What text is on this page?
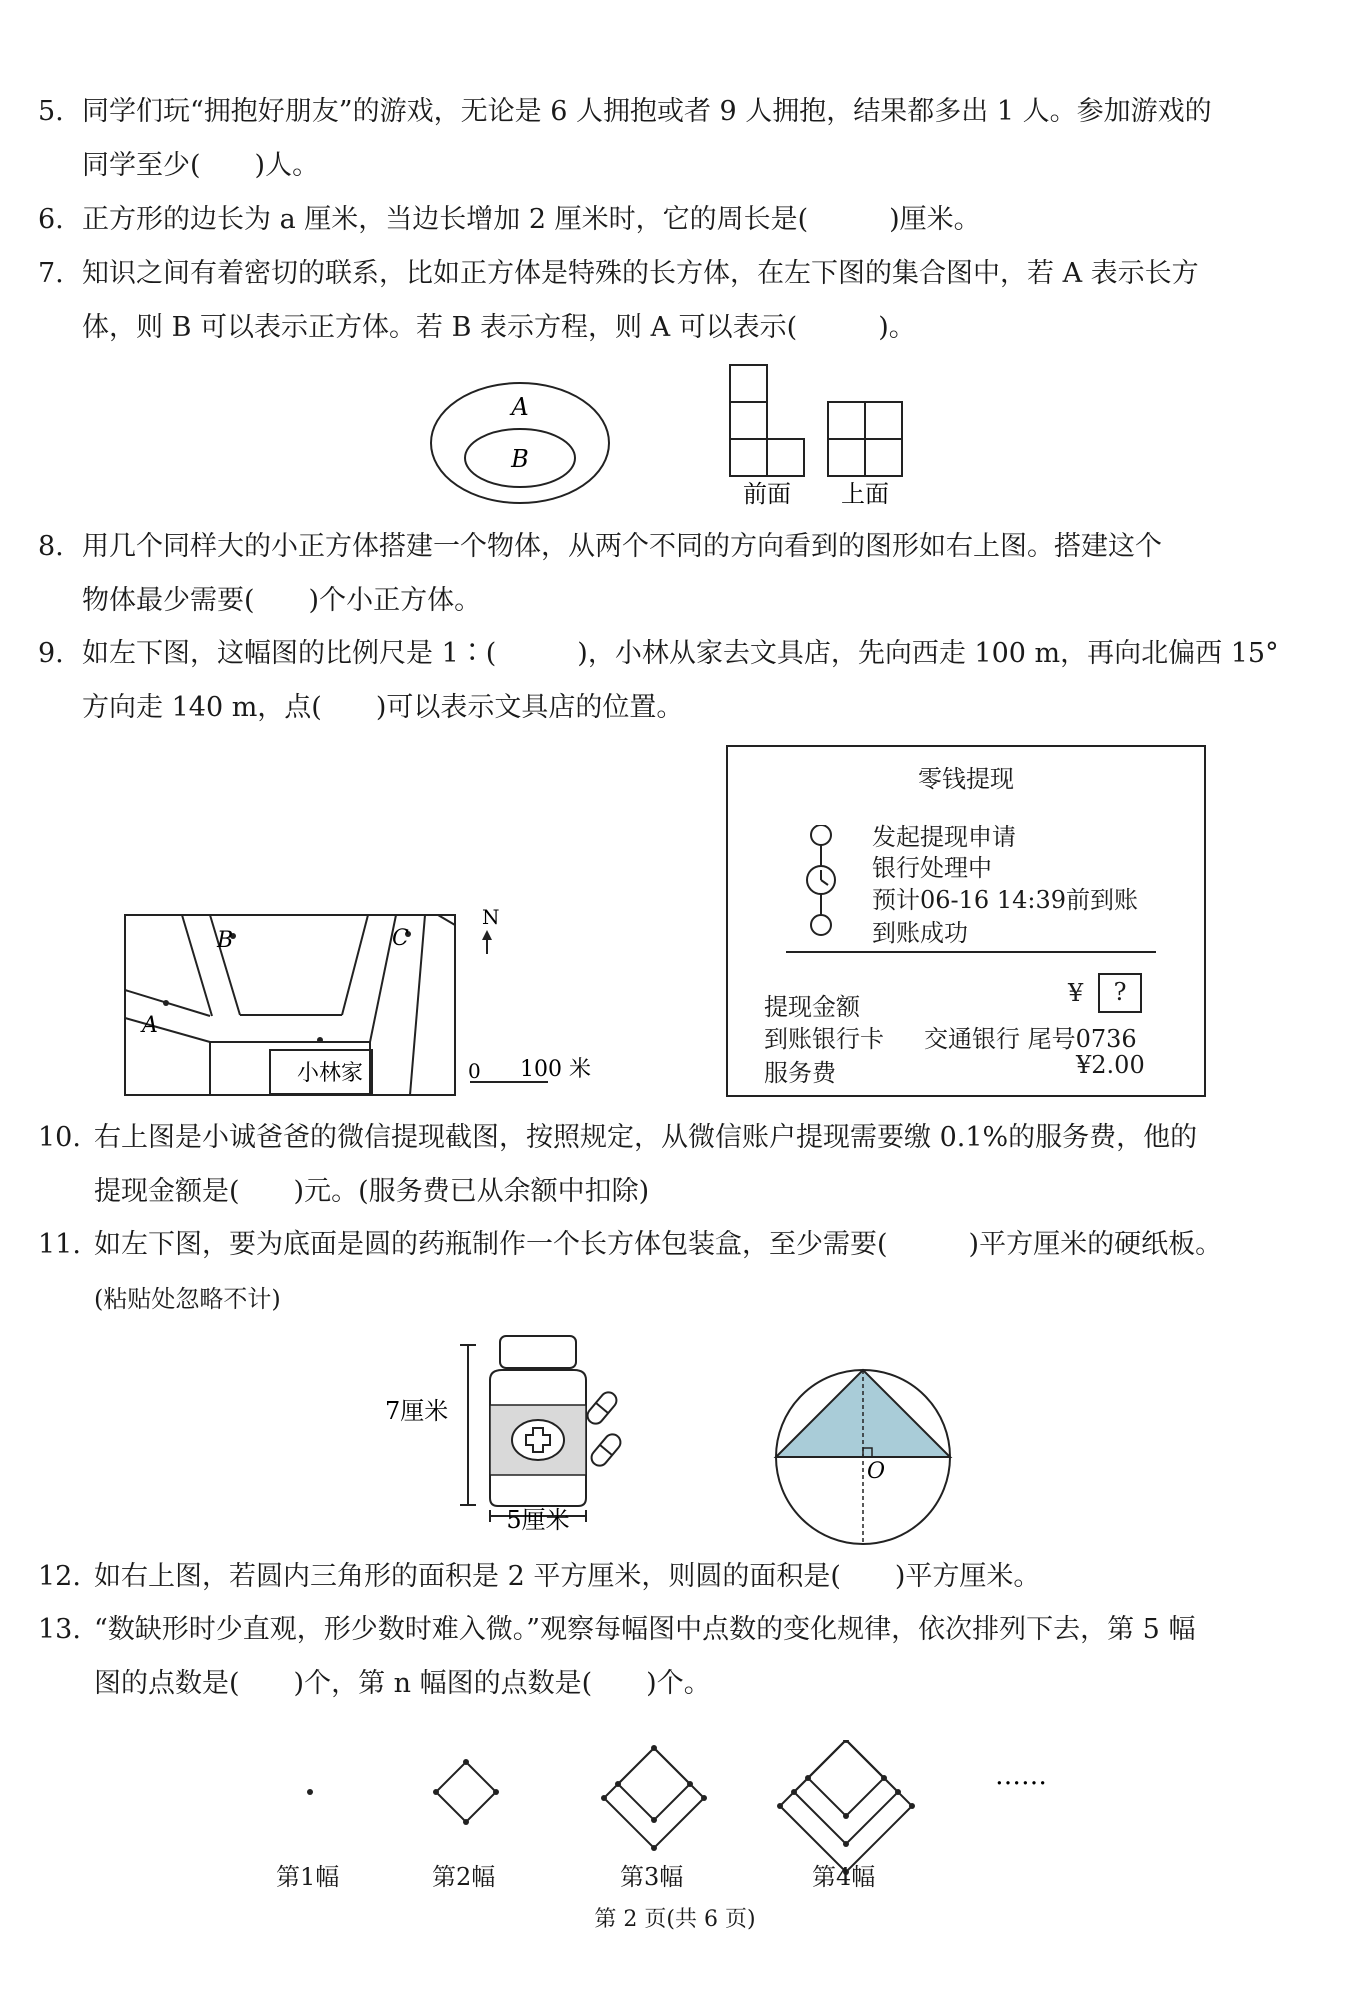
5. 同学们玩“拥抱好朋友”的游戏，无论是 6 人拥抱或者 9 人拥抱，结果都多出 1 人。参加游戏的
同学至少(　　)人。
6. 正方形的边长为 a 厘米，当边长增加 2 厘米时，它的周长是(　　　)厘米。
7. 知识之间有着密切的联系，比如正方体是特殊的长方体，在左下图的集合图中，若 A 表示长方
体，则 B 可以表示正方体。若 B 表示方程，则 A 可以表示(　　　)。
A
B
前面 上面
8. 用几个同样大的小正方体搭建一个物体，从两个不同的方向看到的图形如右上图。搭建这个
物体最少需要(　　)个小正方体。
9. 如左下图，这幅图的比例尺是 1∶(　　　)，小林从家去文具店，先向西走 100 m，再向北偏西 15°
方向走 140 m，点(　　)可以表示文具店的位置。
小林家
B	C
A
N
0 100 米
零钱提现
发起提现申请
银行处理中
预计06-16 14:39前到账
到账成功
提现金额	¥	?
到账银行卡 交通银行 尾号0736
服务费	¥2.00
10. 右上图是小诚爸爸的微信提现截图，按照规定，从微信账户提现需要缴 0.1%的服务费，他的
提现金额是(　　)元。(服务费已从余额中扣除)
11. 如左下图，要为底面是圆的药瓶制作一个长方体包装盒，至少需要(　　　)平方厘米的硬纸板。
(粘贴处忽略不计)
7厘米
5厘米
O
12. 如右上图，若圆内三角形的面积是 2 平方厘米，则圆的面积是(　　)平方厘米。
13. “数缺形时少直观，形少数时难入微。”观察每幅图中点数的变化规律，依次排列下去，第 5 幅
图的点数是(　　)个，第 n 幅图的点数是(　　)个。
……
第1幅	第2幅	第3幅	第4幅
第 2 页(共 6 页)
